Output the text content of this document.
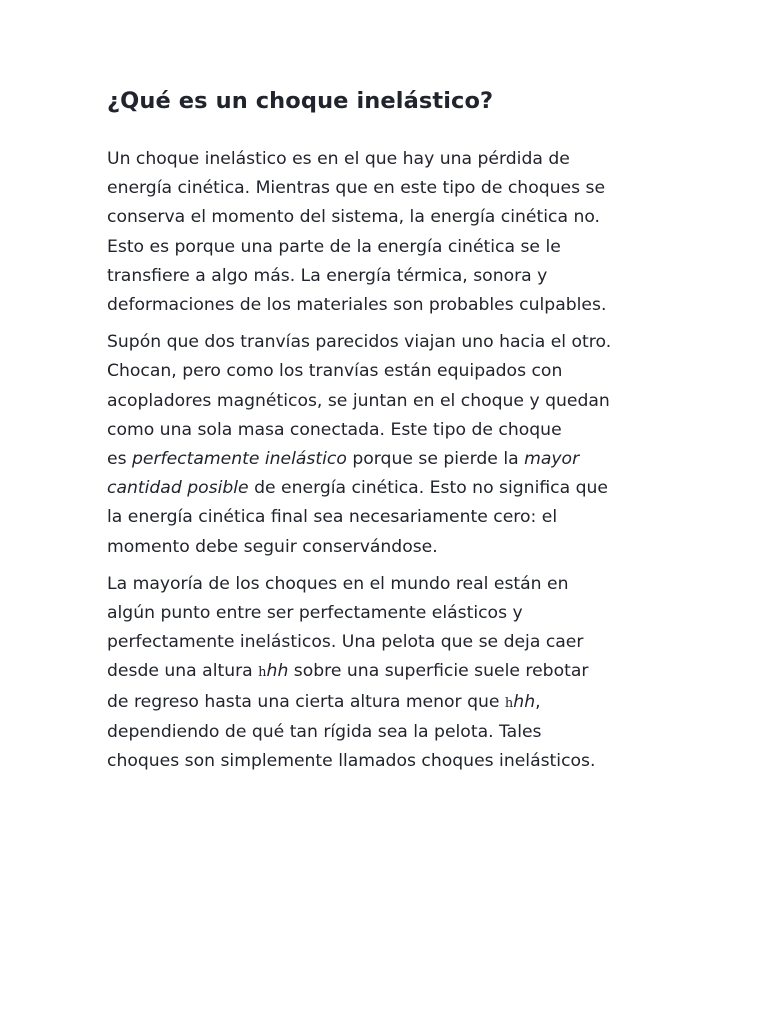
¿Qué es un choque inelástico?

Un choque inelástico es en el que hay una pérdida de
energía cinética. Mientras que en este tipo de choques se
conserva el momento del sistema, la energía cinética no.
Esto es porque una parte de la energía cinética se le
transfiere a algo más. La energía térmica, sonora y
deformaciones de los materiales son probables culpables.

Supón que dos tranvías parecidos viajan uno hacia el otro.
Chocan, pero como los tranvías están equipados con
acopladores magnéticos, se juntan en el choque y quedan
como una sola masa conectada. Este tipo de choque
es perfectamente inelástico porque se pierde la mayor
cantidad posible de energía cinética. Esto no significa que
la energía cinética final sea necesariamente cero: el
momento debe seguir conservándose.

La mayoría de los choques en el mundo real están en
algún punto entre ser perfectamente elásticos y
perfectamente inelásticos. Una pelota que se deja caer
desde una altura hhh sobre una superficie suele rebotar
de regreso hasta una cierta altura menor que hhh,
dependiendo de qué tan rígida sea la pelota. Tales
choques son simplemente llamados choques inelásticos.
